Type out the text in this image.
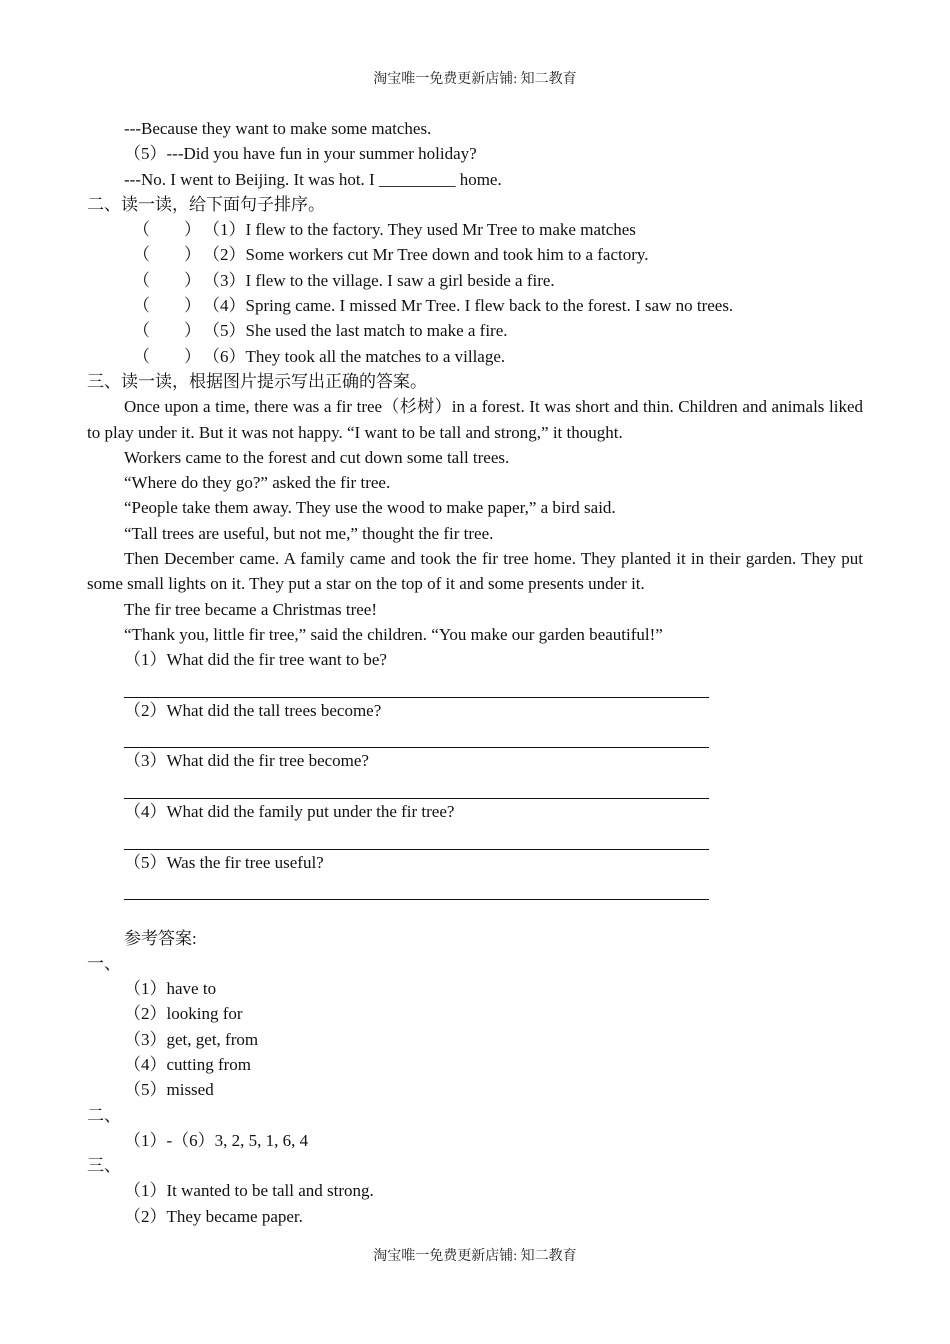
淘宝唯一免费更新店铺: 知二教育
---Because they want to make some matches.
（5）---Did you have fun in your summer holiday?
---No. I went to Beijing. It was hot. I _________ home.
二、读一读，给下面句子排序。
（　　） （1）I flew to the factory. They used Mr Tree to make matches
（　　） （2）Some workers cut Mr Tree down and took him to a factory.
（　　） （3）I flew to the village. I saw a girl beside a fire.
（　　） （4）Spring came. I missed Mr Tree. I flew back to the forest. I saw no trees.
（　　） （5）She used the last match to make a fire.
（　　） （6）They took all the matches to a village.
三、读一读，根据图片提示写出正确的答案。
Once upon a time, there was a fir tree（杉树）in a forest. It was short and thin. Children and animals liked to play under it. But it was not happy. “I want to be tall and strong,” it thought.
Workers came to the forest and cut down some tall trees.
“Where do they go?” asked the fir tree.
“People take them away. They use the wood to make paper,” a bird said.
“Tall trees are useful, but not me,” thought the fir tree.
Then December came. A family came and took the fir tree home. They planted it in their garden. They put some small lights on it. They put a star on the top of it and some presents under it.
The fir tree became a Christmas tree!
“Thank you, little fir tree,” said the children. “You make our garden beautiful!”
（1）What did the fir tree want to be?
（2）What did the tall trees become?
（3）What did the fir tree become?
（4）What did the family put under the fir tree?
（5）Was the fir tree useful?
参考答案:
一、
（1）have to
（2）looking for
（3）get, get, from
（4）cutting from
（5）missed
二、
（1）-（6）3, 2, 5, 1, 6, 4
三、
（1）It wanted to be tall and strong.
（2）They became paper.
淘宝唯一免费更新店铺: 知二教育
